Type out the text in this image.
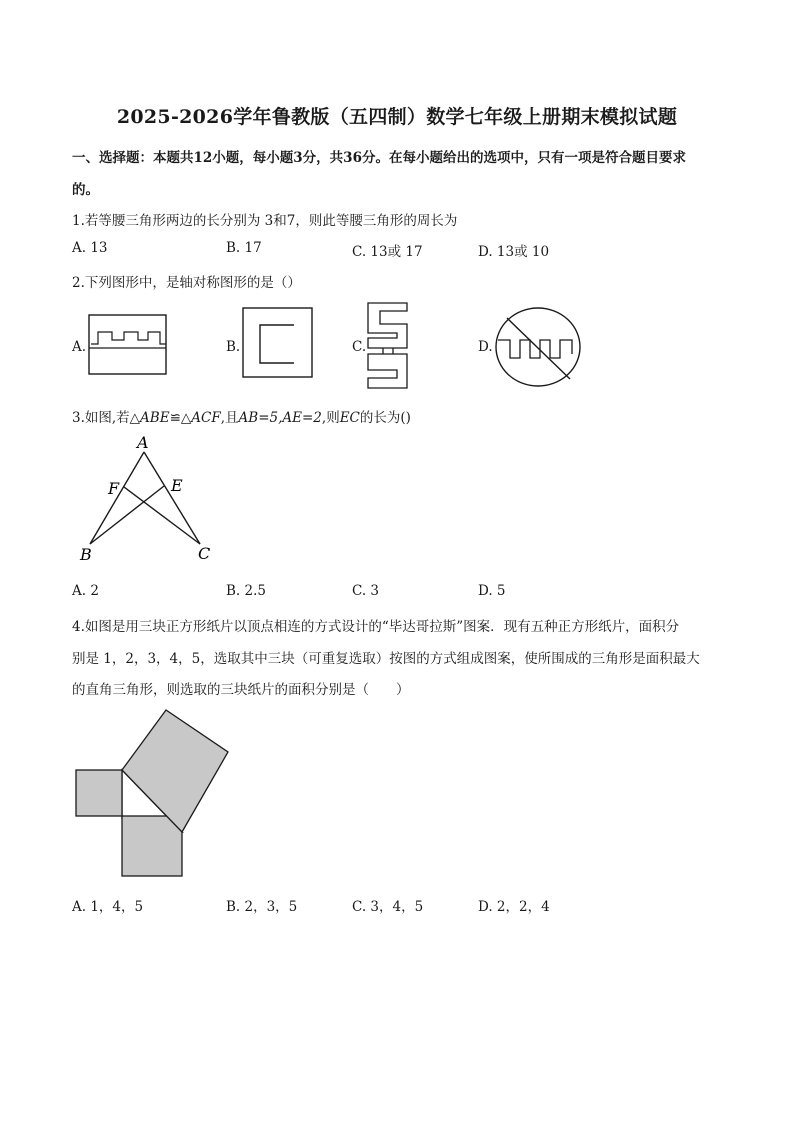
2025-2026学年鲁教版（五四制）数学七年级上册期末模拟试题
一、选择题：本题共12小题，每小题3分，共36分。在每小题给出的选项中，只有一项是符合题目要求
的。
1.若等腰三角形两边的长分别为 3和7，则此等腰三角形的周长为
A. 13	B. 17	C. 13或 17	D. 13或 10
2.下列图形中，是轴对称图形的是（）
A.	B.	C.	D.
3.如图,若△ABE≌△ACF,且AB=5,AE=2,则EC的长为()
A
F	E
B	C
A. 2	B. 2.5	C. 3	D. 5
4.如图是用三块正方形纸片以顶点相连的方式设计的“毕达哥拉斯”图案．现有五种正方形纸片，面积分
别是 1，2，3，4，5，选取其中三块（可重复选取）按图的方式组成图案，使所围成的三角形是面积最大
的直角三角形，则选取的三块纸片的面积分别是（　　）
A. 1，4，5	B. 2，3，5	C. 3，4，5	D. 2，2，4
